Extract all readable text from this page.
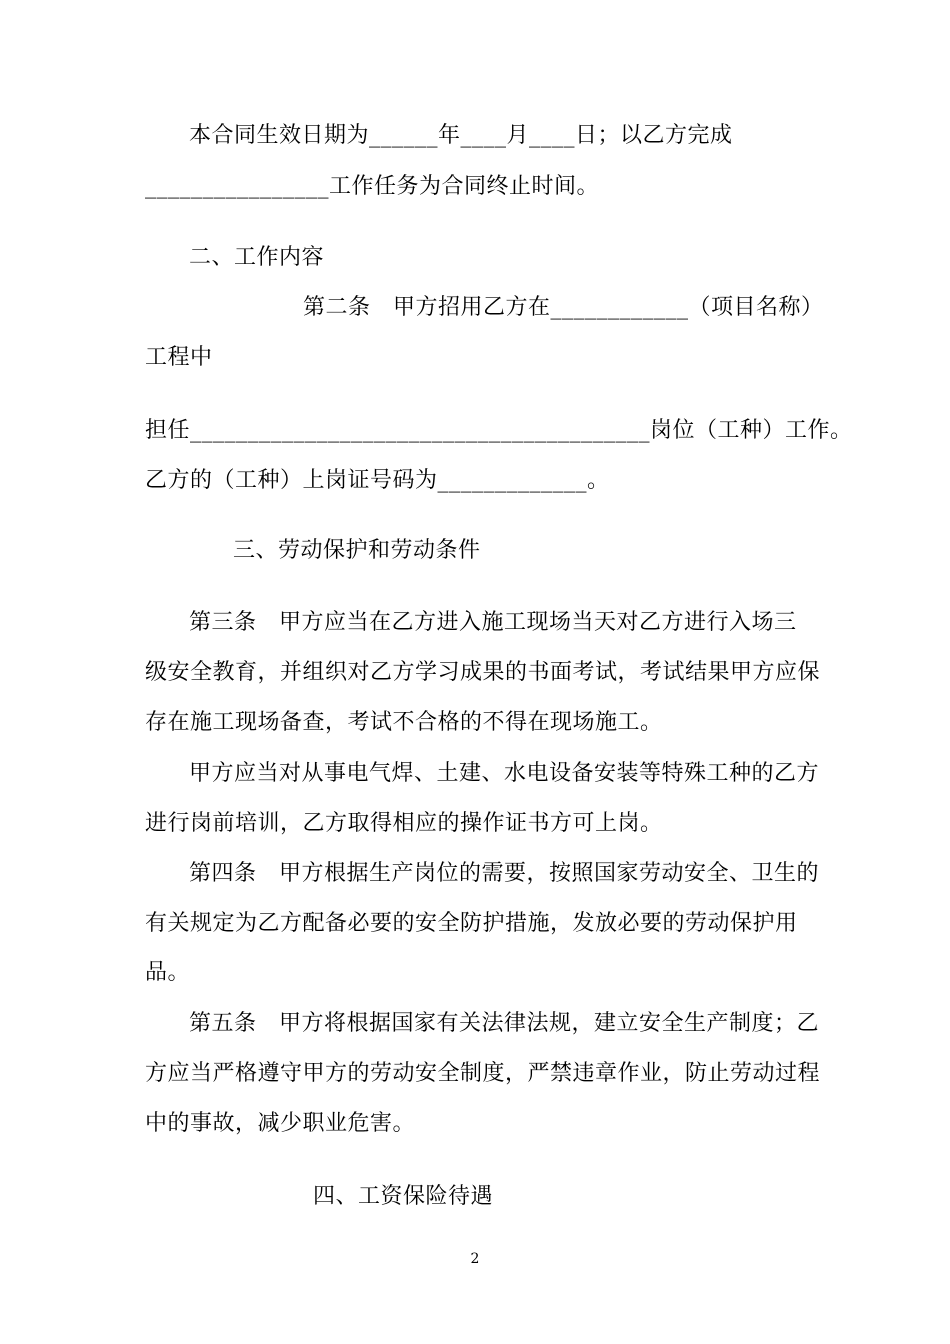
本合同生效日期为______年____月____日；以乙方完成
________________工作任务为合同终止时间。
二、工作内容
第二条　甲方招用乙方在____________（项目名称）
工程中
担任________________________________________岗位（工种）工作。
乙方的（工种）上岗证号码为_____________。
三、劳动保护和劳动条件
第三条　甲方应当在乙方进入施工现场当天对乙方进行入场三
级安全教育，并组织对乙方学习成果的书面考试，考试结果甲方应保
存在施工现场备查，考试不合格的不得在现场施工。
甲方应当对从事电气焊、土建、水电设备安装等特殊工种的乙方
进行岗前培训，乙方取得相应的操作证书方可上岗。
第四条　甲方根据生产岗位的需要，按照国家劳动安全、卫生的
有关规定为乙方配备必要的安全防护措施，发放必要的劳动保护用
品。
第五条　甲方将根据国家有关法律法规，建立安全生产制度；乙
方应当严格遵守甲方的劳动安全制度，严禁违章作业，防止劳动过程
中的事故，减少职业危害。
四、工资保险待遇
2
